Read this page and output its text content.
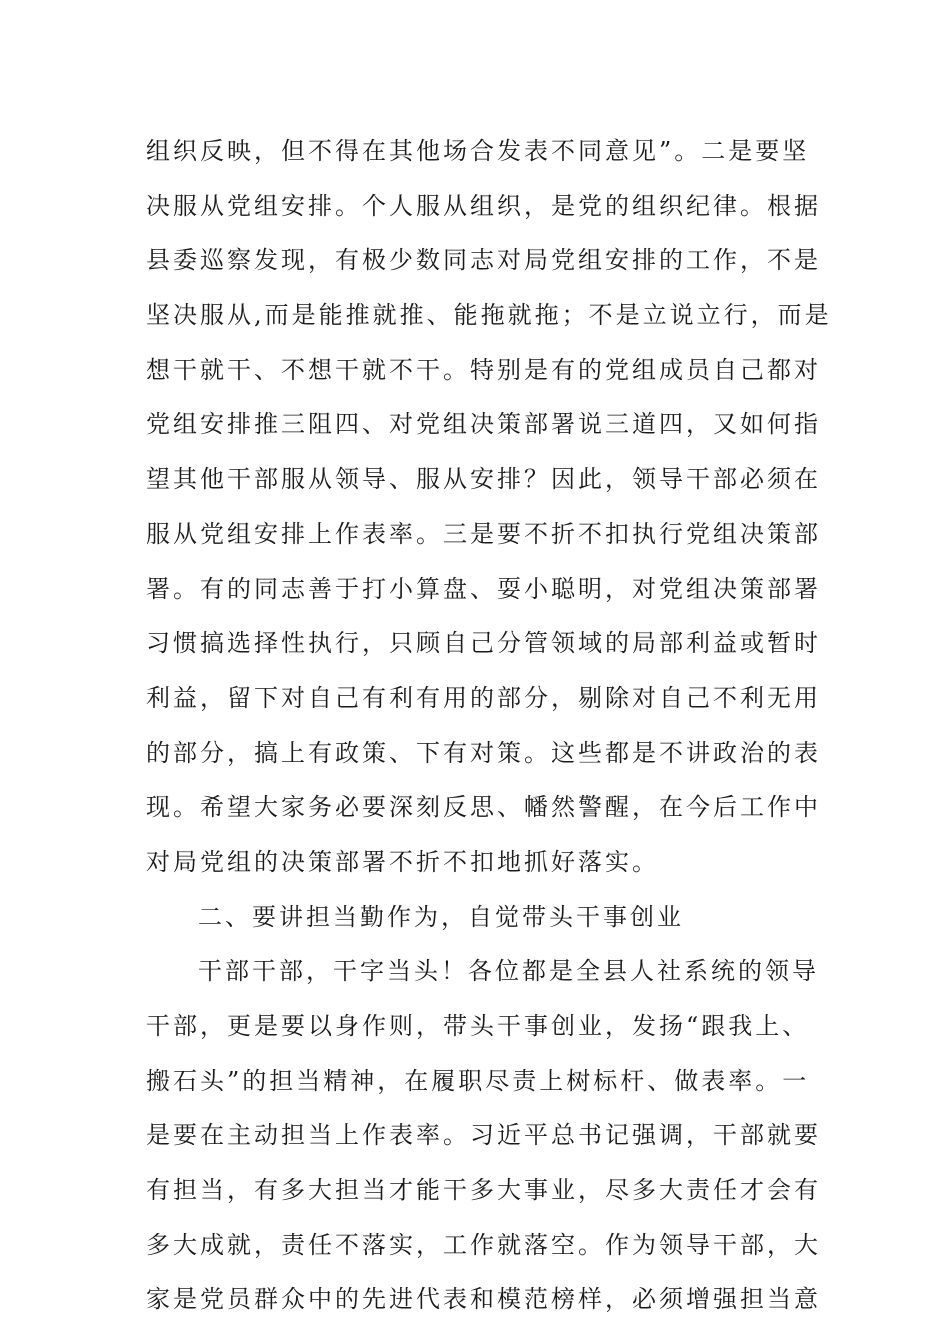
组织反映，但不得在其他场合发表不同意见”。二是要坚
决服从党组安排。个人服从组织，是党的组织纪律。根据
县委巡察发现，有极少数同志对局党组安排的工作，不是
坚决服从,而是能推就推、能拖就拖；不是立说立行，而是
想干就干、不想干就不干。特别是有的党组成员自己都对
党组安排推三阻四、对党组决策部署说三道四，又如何指
望其他干部服从领导、服从安排？因此，领导干部必须在
服从党组安排上作表率。三是要不折不扣执行党组决策部
署。有的同志善于打小算盘、耍小聪明，对党组决策部署
习惯搞选择性执行，只顾自己分管领域的局部利益或暂时
利益，留下对自己有利有用的部分，剔除对自己不利无用
的部分，搞上有政策、下有对策。这些都是不讲政治的表
现。希望大家务必要深刻反思、幡然警醒，在今后工作中
对局党组的决策部署不折不扣地抓好落实。
二、要讲担当勤作为，自觉带头干事创业
干部干部，干字当头！各位都是全县人社系统的领导
干部，更是要以身作则，带头干事创业，发扬“跟我上、
搬石头”的担当精神，在履职尽责上树标杆、做表率。一
是要在主动担当上作表率。习近平总书记强调，干部就要
有担当，有多大担当才能干多大事业，尽多大责任才会有
多大成就，责任不落实，工作就落空。作为领导干部，大
家是党员群众中的先进代表和模范榜样，必须增强担当意
